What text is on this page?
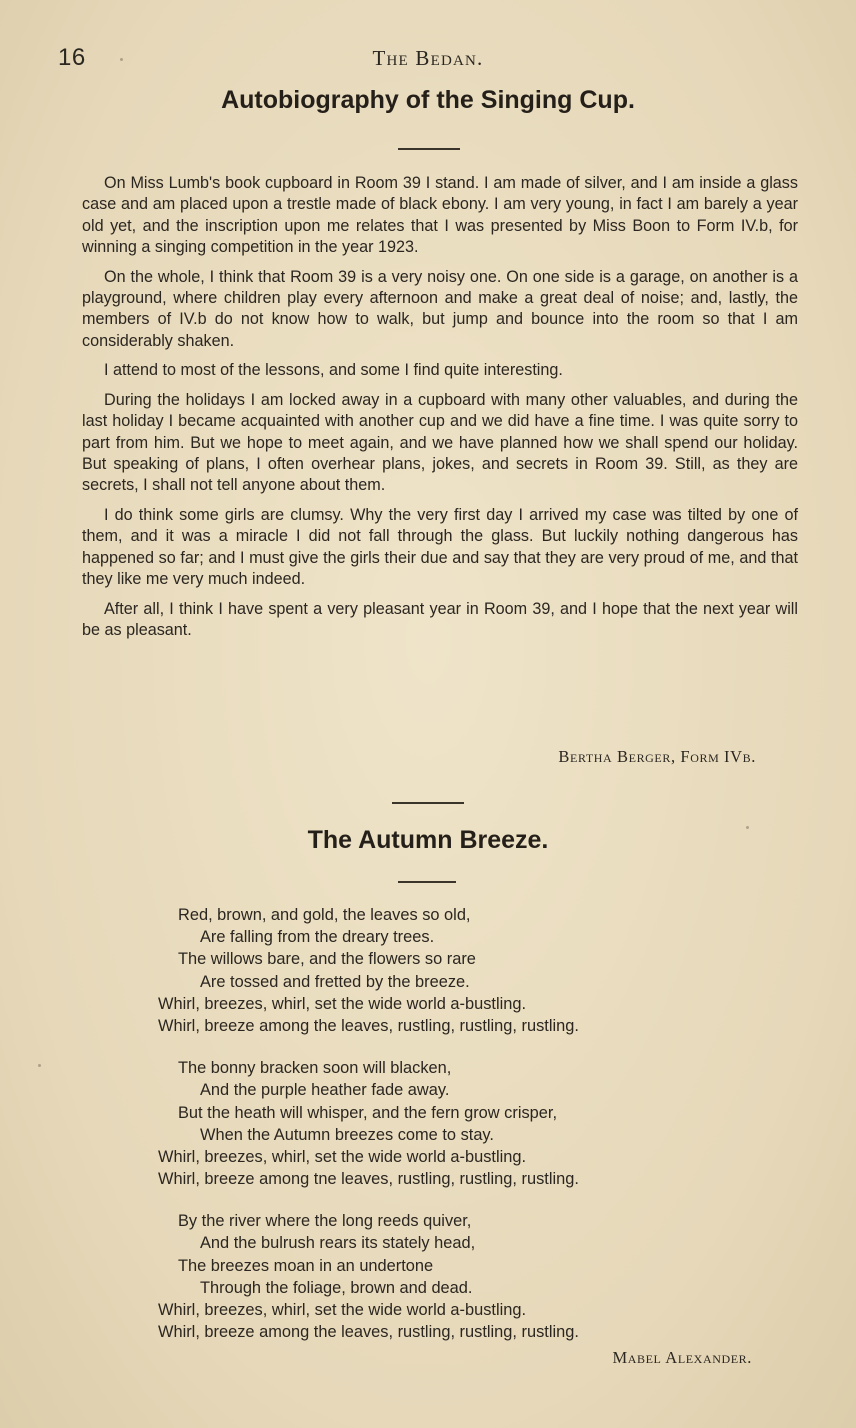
16	The Bedan.
Autobiography of the Singing Cup.

On Miss Lumb's book cupboard in Room 39 I stand. I am made of silver, and I am inside a glass case and am placed upon a trestle made of black ebony. I am very young, in fact I am barely a year old yet, and the inscription upon me relates that I was presented by Miss Boon to Form IV.b, for winning a singing competition in the year 1923.

On the whole, I think that Room 39 is a very noisy one. On one side is a garage, on another is a playground, where children play every afternoon and make a great deal of noise; and, lastly, the members of IV.b do not know how to walk, but jump and bounce into the room so that I am considerably shaken.

I attend to most of the lessons, and some I find quite interesting.

During the holidays I am locked away in a cupboard with many other valuables, and during the last holiday I became acquainted with another cup and we did have a fine time. I was quite sorry to part from him. But we hope to meet again, and we have planned how we shall spend our holiday. But speaking of plans, I often overhear plans, jokes, and secrets in Room 39. Still, as they are secrets, I shall not tell anyone about them.

I do think some girls are clumsy. Why the very first day I arrived my case was tilted by one of them, and it was a miracle I did not fall through the glass. But luckily nothing dangerous has happened so far; and I must give the girls their due and say that they are very proud of me, and that they like me very much indeed.

After all, I think I have spent a very pleasant year in Room 39, and I hope that the next year will be as pleasant.

Bertha Berger, Form IVb.
The Autumn Breeze.
Red, brown, and gold, the leaves so old,
Are falling from the dreary trees.
The willows bare, and the flowers so rare
Are tossed and fretted by the breeze.
Whirl, breezes, whirl, set the wide world a-bustling.
Whirl, breeze among the leaves, rustling, rustling, rustling.
The bonny bracken soon will blacken,
And the purple heather fade away.
But the heath will whisper, and the fern grow crisper,
When the Autumn breezes come to stay.
Whirl, breezes, whirl, set the wide world a-bustling.
Whirl, breeze among tne leaves, rustling, rustling, rustling.
By the river where the long reeds quiver,
And the bulrush rears its stately head,
The breezes moan in an undertone
Through the foliage, brown and dead.
Whirl, breezes, whirl, set the wide world a-bustling.
Whirl, breeze among the leaves, rustling, rustling, rustling.
Mabel Alexander.
